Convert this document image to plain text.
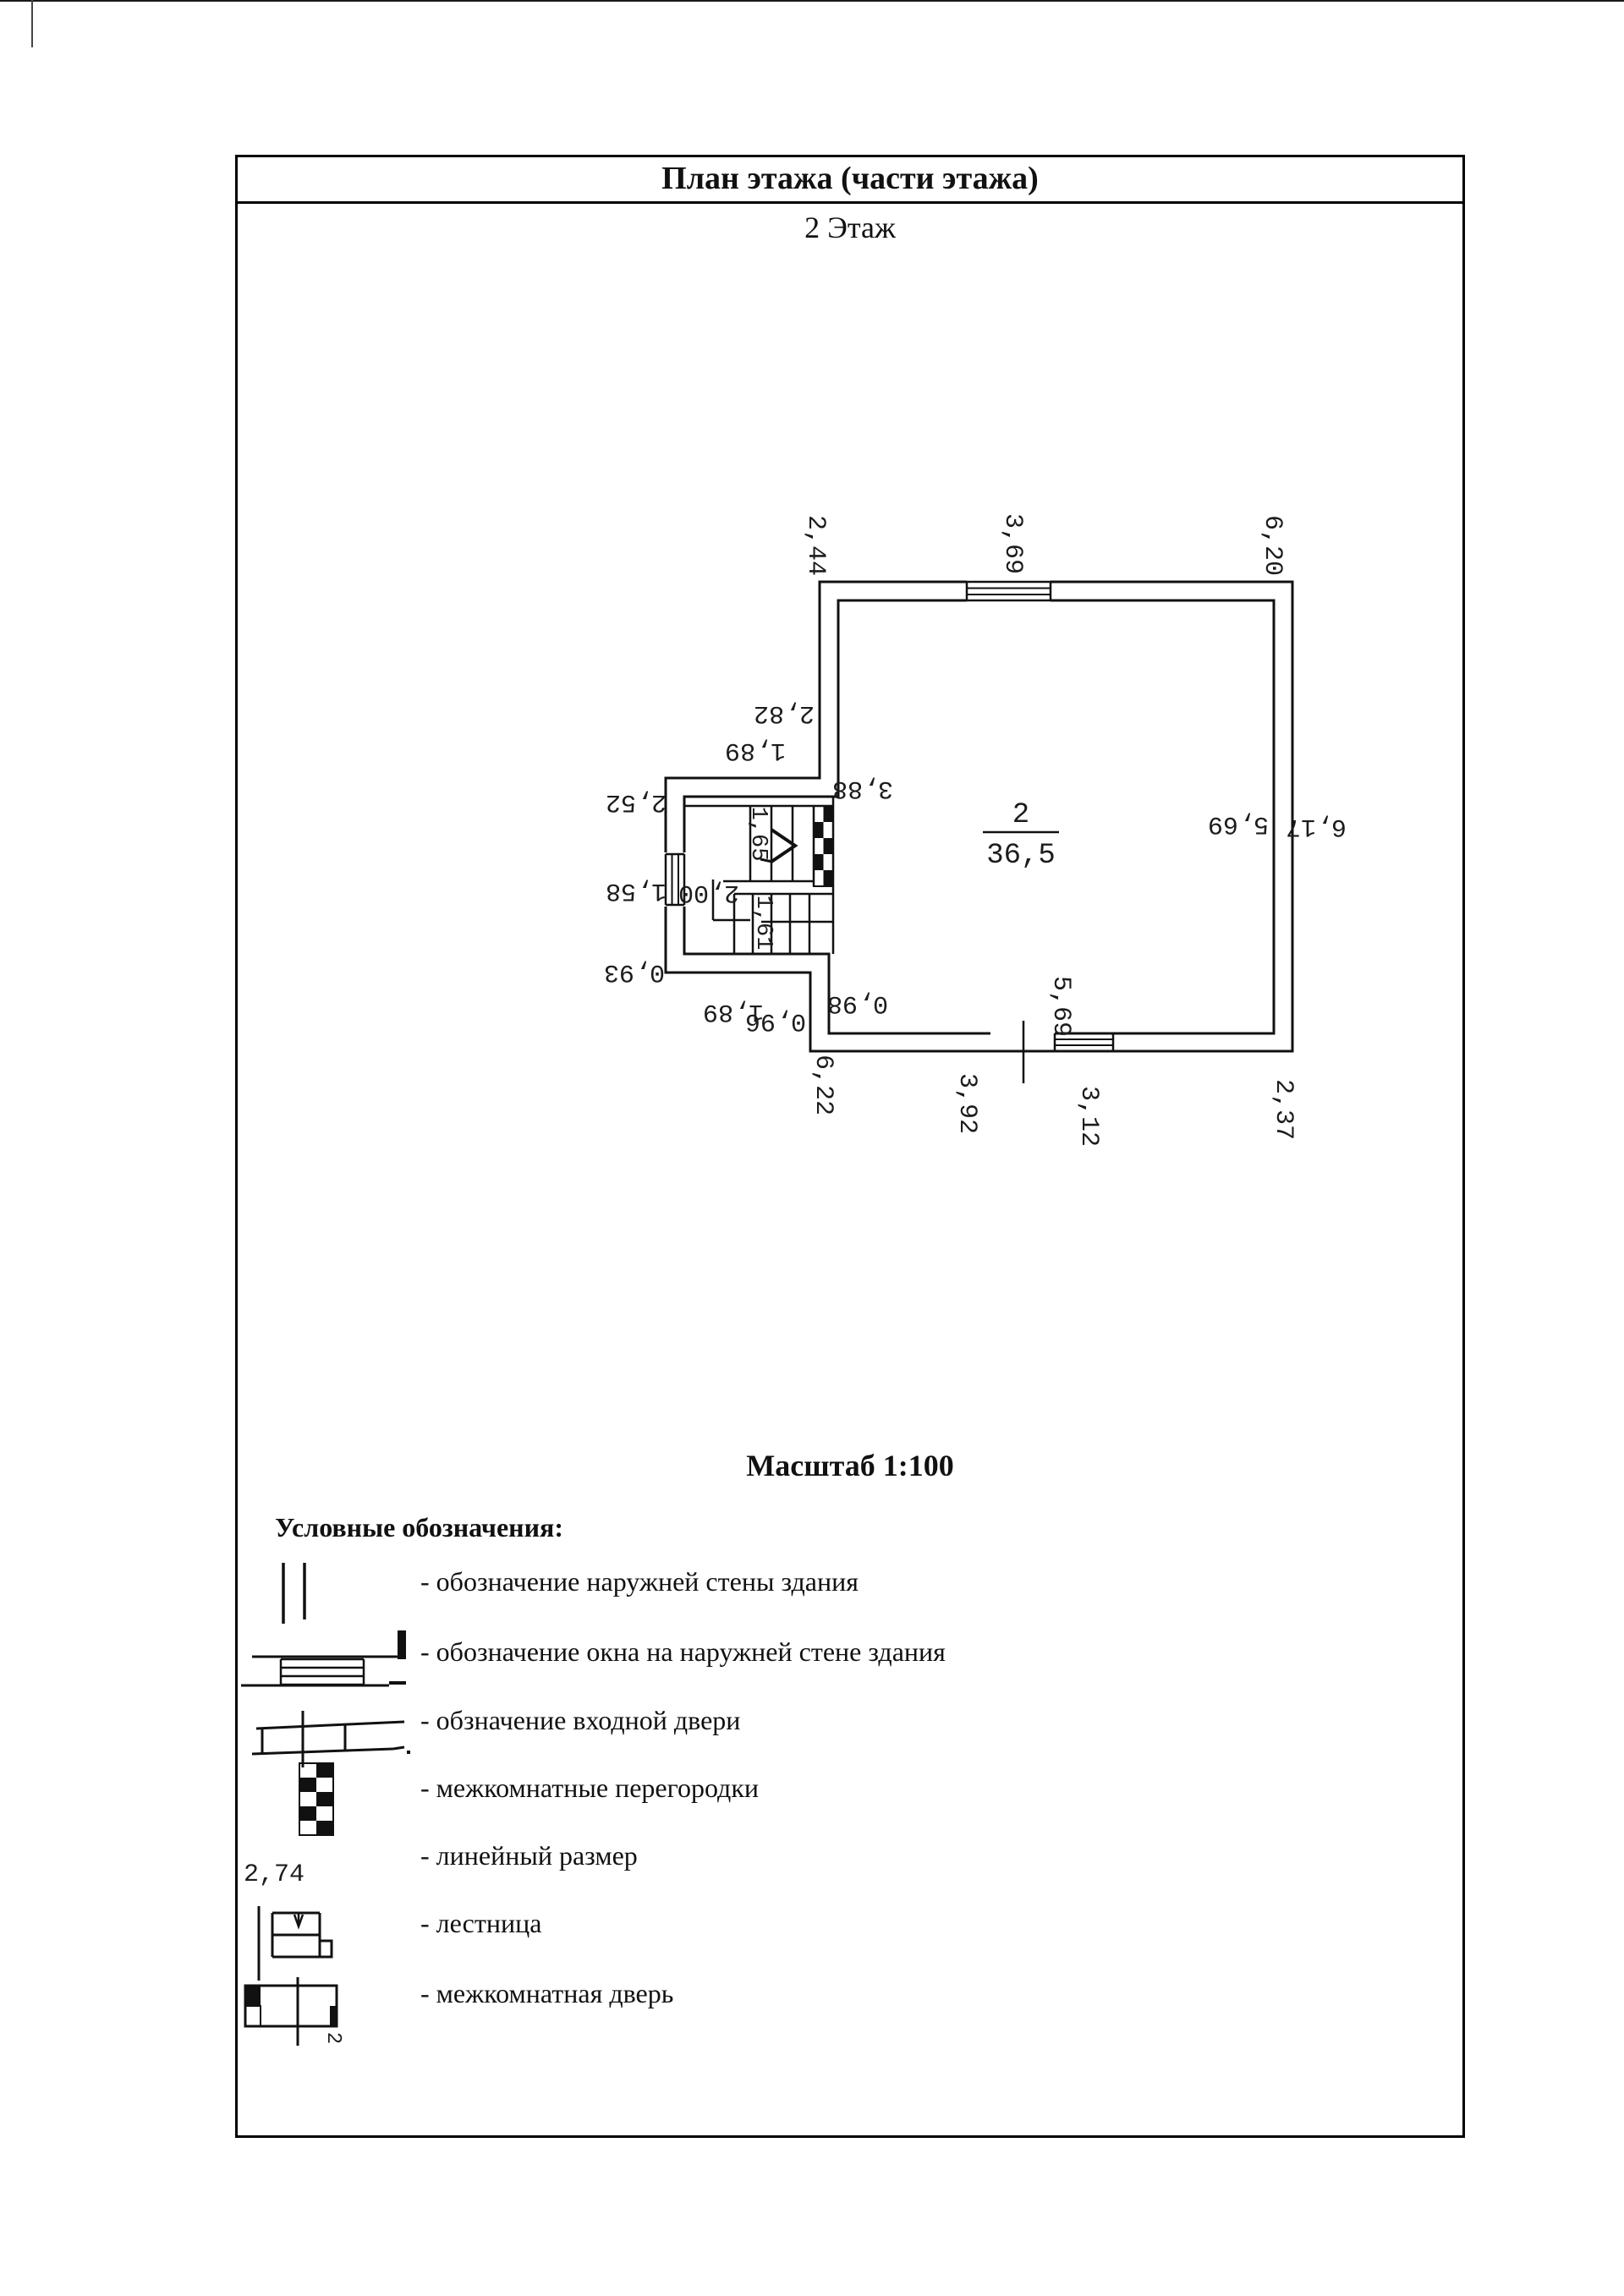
План этажа (части этажа)
2 Этаж
2
36,5
2,44	3,69	6,20
5,69 6,17
6,22	3,92	3,12	2,37
5,69
2,82
3,88
1,89
2,52
1,58
0,93
1,65
2,00
1,61
1,89
0,96
0,98
Масштаб 1:100
Условные обозначения:
- обозначение наружней стены здания
- обозначение окна на наружней стене здания
- обзначение входной двери
- межкомнатные перегородки
- линейный размер
2,74
- лестница
2
- межкомнатная дверь
